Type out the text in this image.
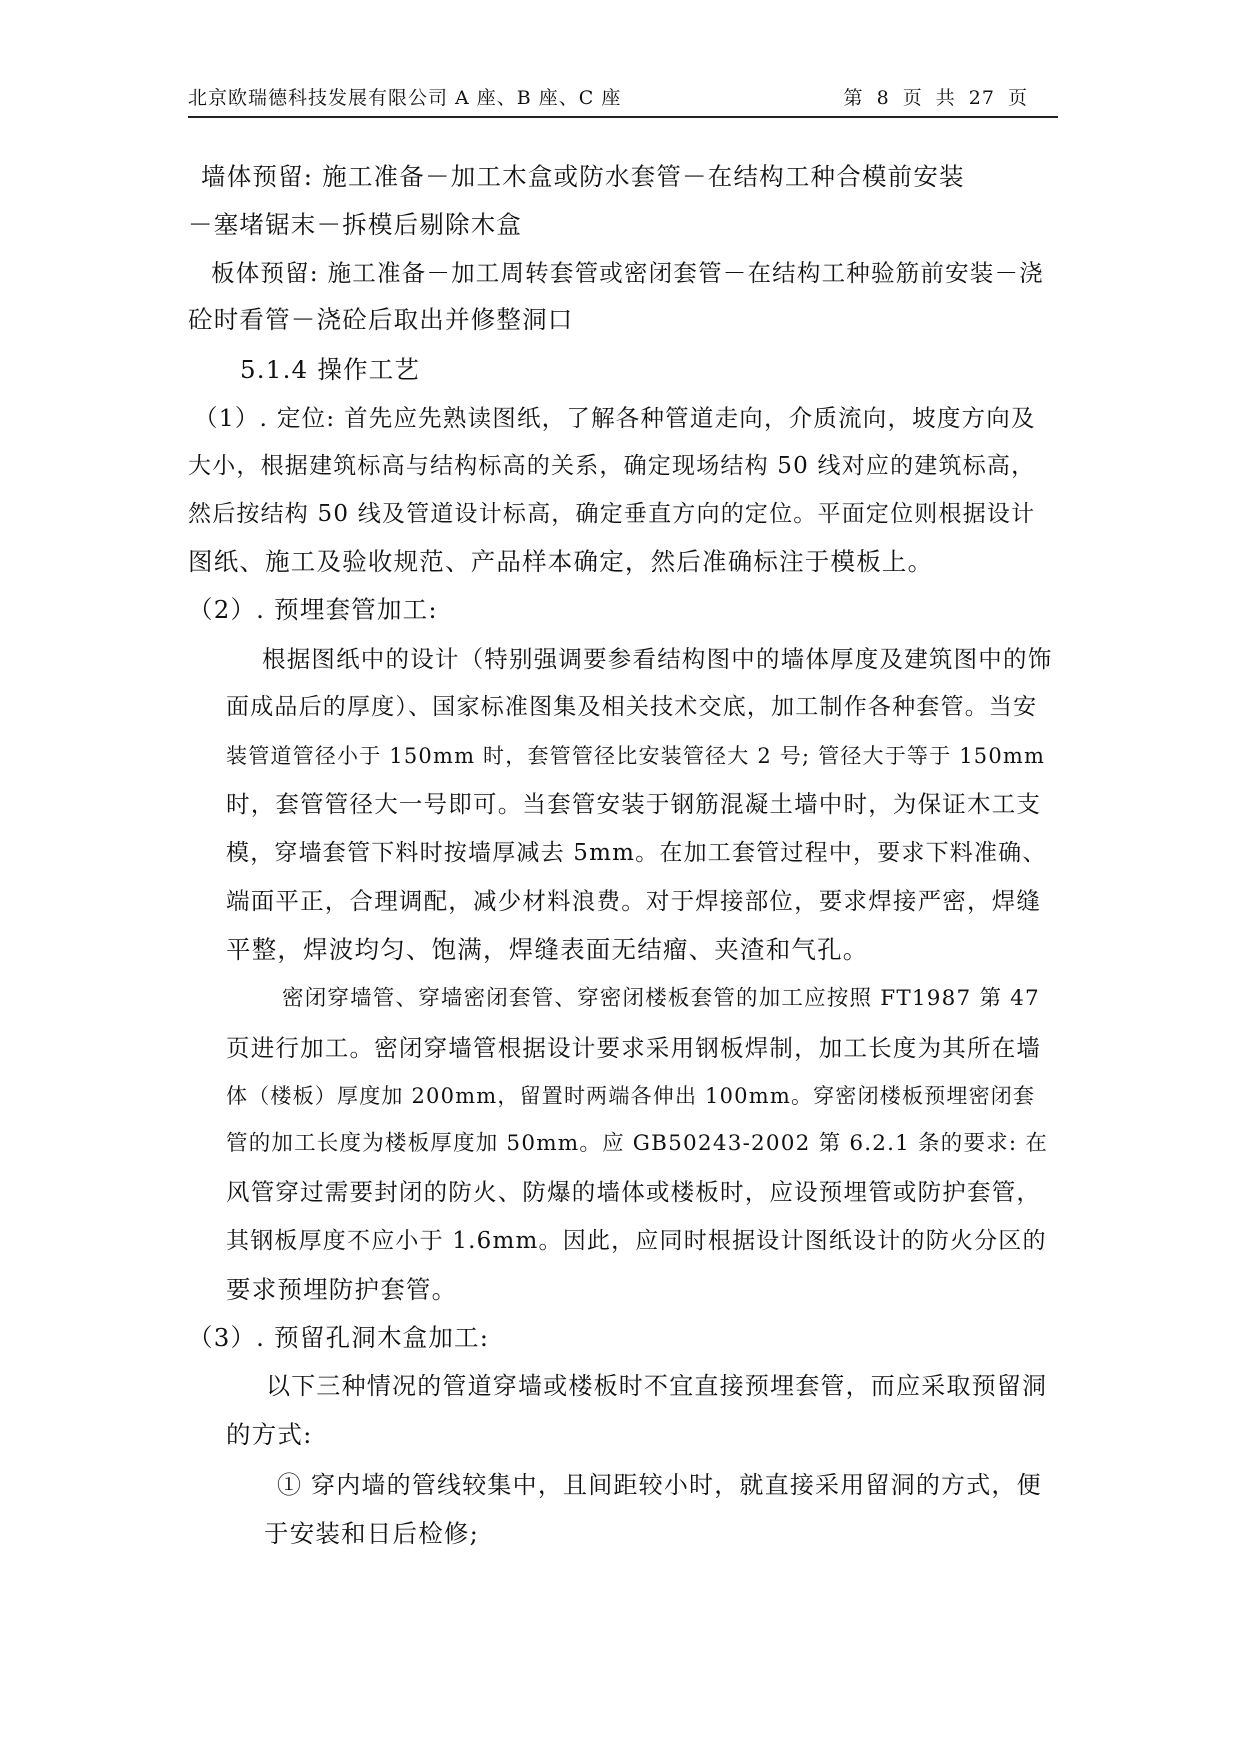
北京欧瑞德科技发展有限公司 A 座、B 座、C 座	第 8 页 共 27 页
墙体预留: 施工准备－加工木盒或防水套管－在结构工种合模前安装
－塞堵锯末－拆模后剔除木盒
板体预留: 施工准备－加工周转套管或密闭套管－在结构工种验筋前安装－浇
砼时看管－浇砼后取出并修整洞口
5.1.4 操作工艺
（1）. 定位: 首先应先熟读图纸，了解各种管道走向，介质流向，坡度方向及
大小，根据建筑标高与结构标高的关系，确定现场结构 50 线对应的建筑标高，
然后按结构 50 线及管道设计标高，确定垂直方向的定位。平面定位则根据设计
图纸、施工及验收规范、产品样本确定，然后准确标注于模板上。
（2）. 预埋套管加工:
根据图纸中的设计（特别强调要参看结构图中的墙体厚度及建筑图中的饰
面成品后的厚度）、国家标准图集及相关技术交底，加工制作各种套管。当安
装管道管径小于 150mm 时，套管管径比安装管径大 2 号; 管径大于等于 150mm
时，套管管径大一号即可。当套管安装于钢筋混凝土墙中时，为保证木工支
模，穿墙套管下料时按墙厚减去 5mm。在加工套管过程中，要求下料准确、
端面平正，合理调配，减少材料浪费。对于焊接部位，要求焊接严密，焊缝
平整，焊波均匀、饱满，焊缝表面无结瘤、夹渣和气孔。
密闭穿墙管、穿墙密闭套管、穿密闭楼板套管的加工应按照 FT1987 第 47
页进行加工。密闭穿墙管根据设计要求采用钢板焊制，加工长度为其所在墙
体（楼板）厚度加 200mm，留置时两端各伸出 100mm。穿密闭楼板预埋密闭套
管的加工长度为楼板厚度加 50mm。应 GB50243-2002 第 6.2.1 条的要求: 在
风管穿过需要封闭的防火、防爆的墙体或楼板时，应设预埋管或防护套管，
其钢板厚度不应小于 1.6mm。因此，应同时根据设计图纸设计的防火分区的
要求预埋防护套管。
（3）. 预留孔洞木盒加工:
以下三种情况的管道穿墙或楼板时不宜直接预埋套管，而应采取预留洞
的方式:
① 穿内墙的管线较集中，且间距较小时，就直接采用留洞的方式，便
于安装和日后检修;
